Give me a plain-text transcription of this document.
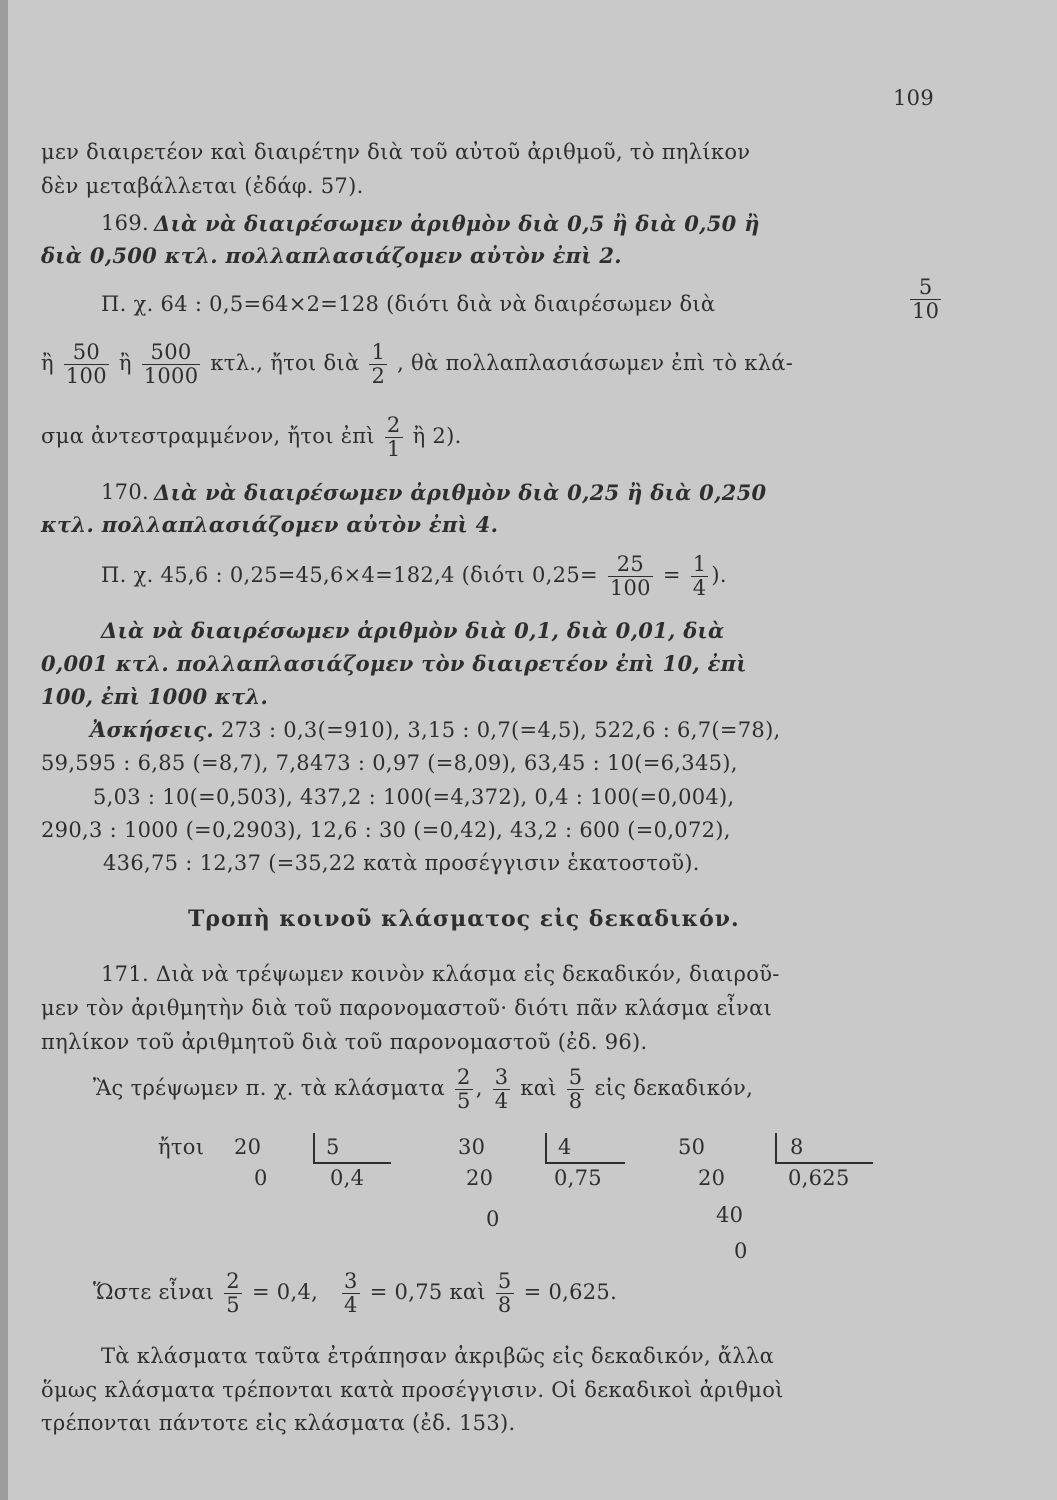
109
μεν διαιρετέον καὶ διαιρέτην διὰ τοῦ αὐτοῦ ἀριθμοῦ, τὸ πηλίκον
δὲν μεταβάλλεται (ἐδάφ. 57).
169. Διὰ νὰ διαιρέσωμεν ἀριθμὸν διὰ 0,5 ἢ διὰ 0,50 ἢ
διὰ 0,500 κτλ. πολλαπλασιάζομεν αὐτὸν ἐπὶ 2.
Π. χ. 64 : 0,5=64×2=128 (διότι διὰ νὰ διαιρέσωμεν διὰ	$\frac{5}{10}$
ἢ $\frac{50}{100}$ ἢ $\frac{500}{1000} \kappa\tau\lambda$., ἤτοι διὰ $\frac{1}{2}$ , θὰ πολλαπλασιάσωμεν ἐπὶ τὸ κλά-
σμα ἀντεστραμμένον, ἤτοι ἐπὶ $\frac{2}{1}$ ἢ 2).
170. Διὰ νὰ διαιρέσωμεν ἀριθμὸν διὰ 0,25 ἢ διὰ 0,250
κτλ. πολλαπλασιάζομεν αὐτὸν ἐπὶ 4.
Π. χ. 45,6 : 0,25=45,6×4=182,4 (διότι $0,25= \frac{25}{100} = \frac{1}{4}$ ).
Διὰ νὰ διαιρέσωμεν ἀριθμὸν διὰ 0,1, διὰ 0,01, διὰ
0,001 κτλ. πολλαπλασιάζομεν τὸν διαιρετέον ἐπὶ 10, ἐπὶ
100, ἐπὶ 1000 κτλ.
Ἀσκήσεις. 273 : 0,3(=910), 3,15 : 0,7(=4,5), 522,6 : 6,7(=78),
59,595 : 6,85 (=8,7), 7,8473 : 0,97 (=8,09), 63,45 : 10(=6,345),
5,03 : 10(=0,503), 437,2 : 100(=4,372), 0,4 : 100(=0,004),
290,3 : 1000 (=0,2903), 12,6 : 30 (=0,42), 43,2 : 600 (=0,072),
436,75 : 12,37 (=35,22 κατὰ προσέγγισιν ἑκατοστοῦ).
Τροπὴ κοινοῦ κλάσματος εἰς δεκαδικόν.
171. Διὰ νὰ τρέψωμεν κοινὸν κλάσμα εἰς δεκαδικόν, διαιροῦ-
μεν τὸν ἀριθμητὴν διὰ τοῦ παρονομαστοῦ· διότι πᾶν κλάσμα εἶναι
πηλίκον τοῦ ἀριθμητοῦ διὰ τοῦ παρονομαστοῦ (ἐδ. 96).
Ἂς τρέψωμεν π. χ. τὰ κλάσματα $\frac{2}{5}$ , $\frac{3}{4}$ καὶ $\frac{5}{8}$ εἰς δεκαδικόν,
ἤτοι 20
0
5
0,4
30
20
0
4
0,75
50
20
40
0
8
0,625
Ὥστε εἶναι $\frac{2}{5} = 0,4$, $\frac{3}{4} = 0,75$ καὶ $\frac{5}{8} = 0,625$.
Τὰ κλάσματα ταῦτα ἐτράπησαν ἀκριβῶς εἰς δεκαδικόν, ἄλλα
ὅμως κλάσματα τρέπονται κατὰ προσέγγισιν. Οἱ δεκαδικοὶ ἀριθμοὶ
τρέπονται πάντοτε εἰς κλάσματα (ἐδ. 153).
